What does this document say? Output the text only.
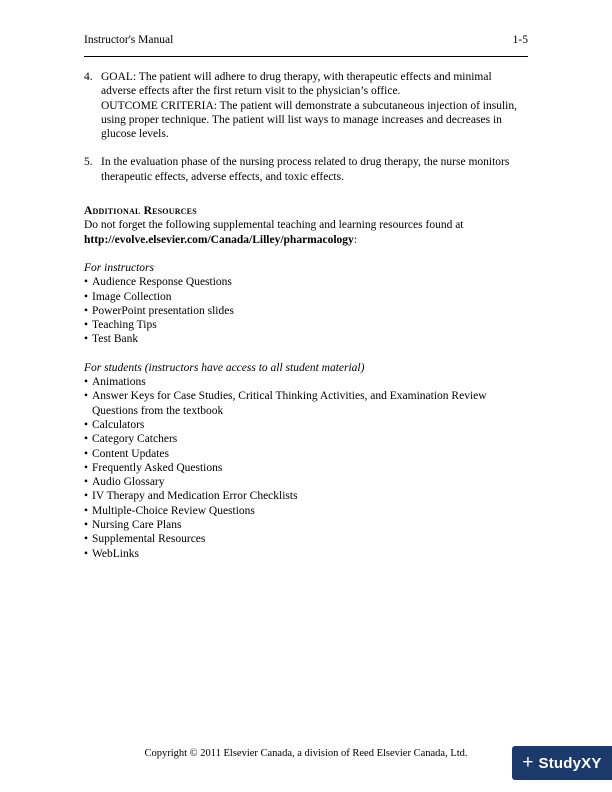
Instructor's Manual	1-5
4. GOAL: The patient will adhere to drug therapy, with therapeutic effects and minimal

adverse effects after the first return visit to the physician’s office.

OUTCOME CRITERIA: The patient will demonstrate a subcutaneous injection of insulin,

using proper technique. The patient will list ways to manage increases and decreases in

glucose levels.

5. In the evaluation phase of the nursing process related to drug therapy, the nurse monitors

therapeutic effects, adverse effects, and toxic effects.

Additional Resources
Do not forget the following supplemental teaching and learning resources found at
http://evolve.elsevier.com/Canada/Lilley/pharmacology:
For instructors
• Audience Response Questions
• Image Collection
• PowerPoint presentation slides
• Teaching Tips
• Test Bank
For students (instructors have access to all student material)
• Animations
• Answer Keys for Case Studies, Critical Thinking Activities, and Examination Review
Questions from the textbook
• Calculators
• Category Catchers
• Content Updates
• Frequently Asked Questions
• Audio Glossary
• IV Therapy and Medication Error Checklists
• Multiple-Choice Review Questions
• Nursing Care Plans
• Supplemental Resources
• WebLinks
Copyright © 2011 Elsevier Canada, a division of Reed Elsevier Canada, Ltd.	+ StudyXY
